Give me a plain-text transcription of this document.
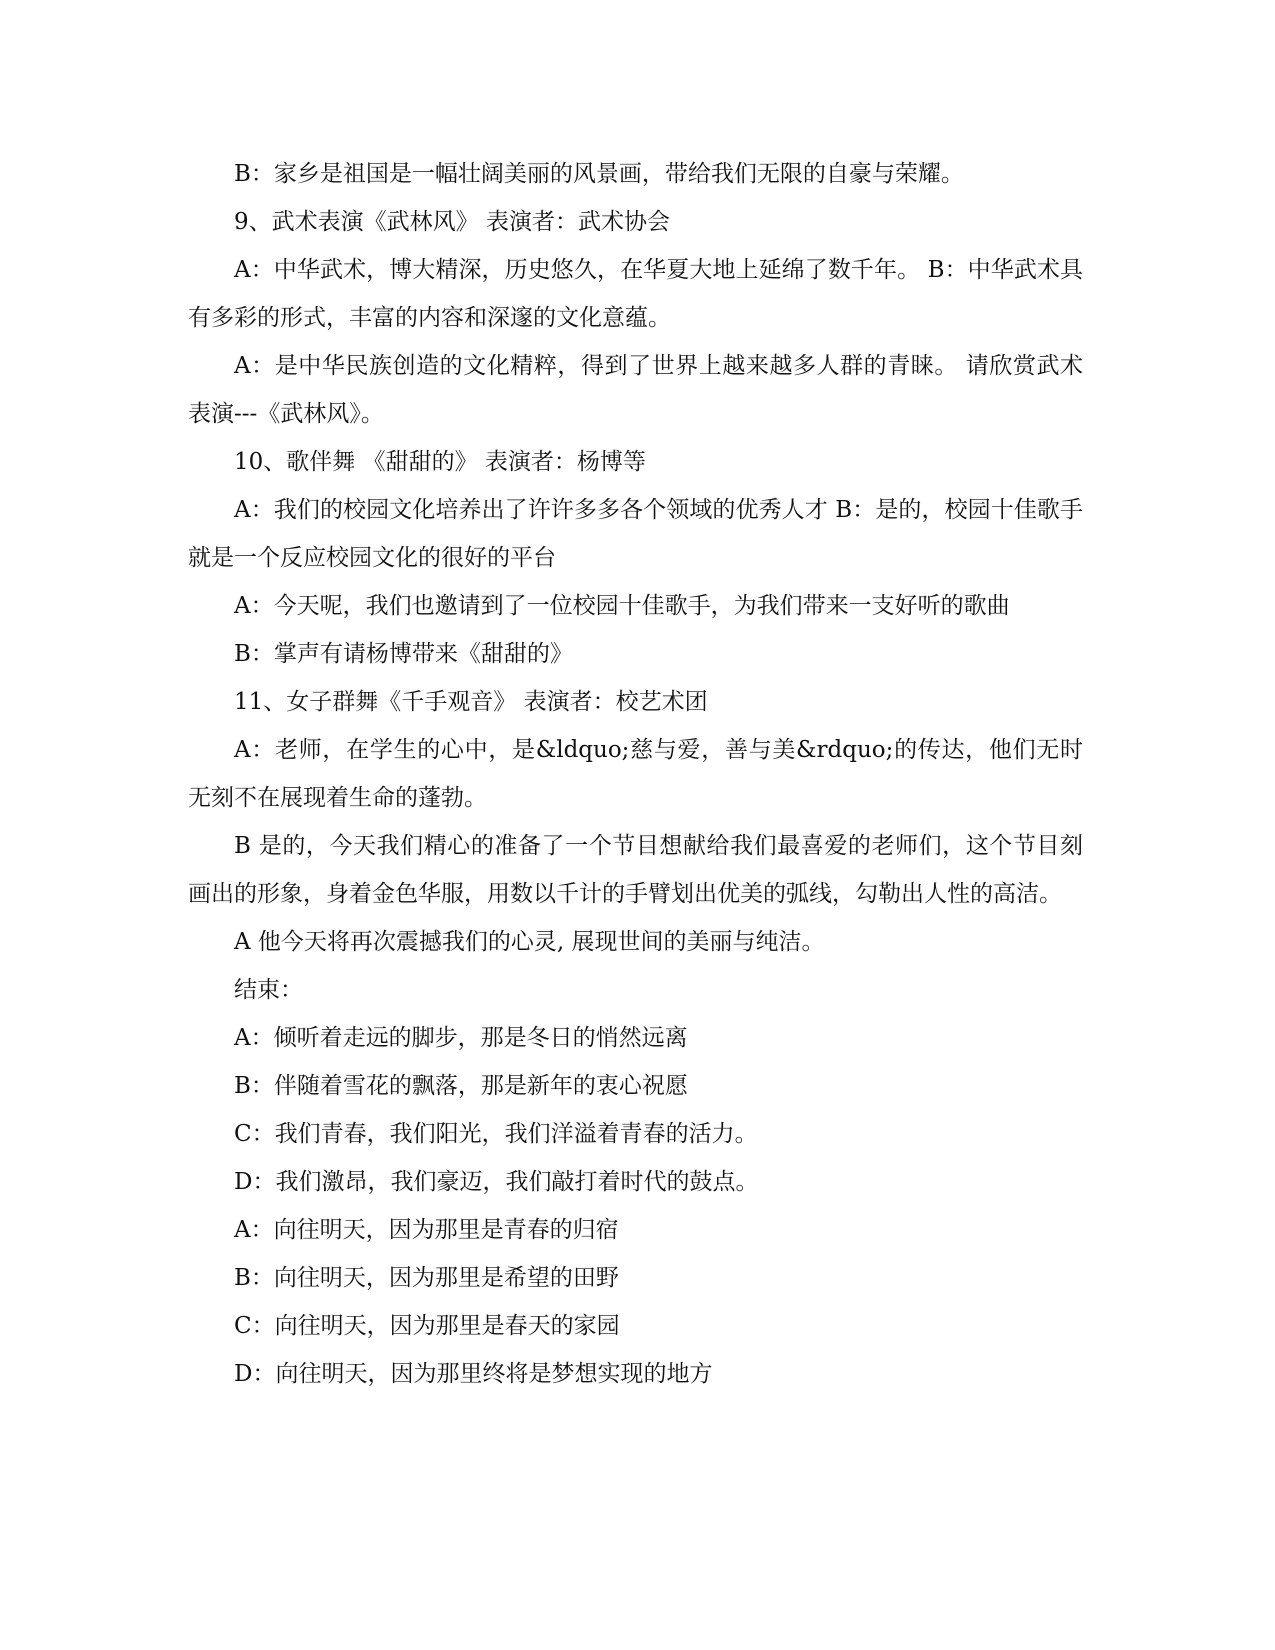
B：家乡是祖国是一幅壮阔美丽的风景画，带给我们无限的自豪与荣耀。

9、武术表演《武林风》 表演者：武术协会

A：中华武术，博大精深，历史悠久，在华夏大地上延绵了数千年。 B：中华武术具有多彩的形式，丰富的内容和深邃的文化意蕴。

A：是中华民族创造的文化精粹，得到了世界上越来越多人群的青睐。 请欣赏武术表演---《武林风》。

10、歌伴舞 《甜甜的》 表演者：杨博等

A：我们的校园文化培养出了许许多多各个领域的优秀人才 B：是的，校园十佳歌手就是一个反应校园文化的很好的平台

A：今天呢，我们也邀请到了一位校园十佳歌手，为我们带来一支好听的歌曲

B：掌声有请杨博带来《甜甜的》

11、女子群舞《千手观音》 表演者：校艺术团

A：老师，在学生的心中，是&ldquo;慈与爱，善与美&rdquo;的传达，他们无时无刻不在展现着生命的蓬勃。

B 是的，今天我们精心的准备了一个节目想献给我们最喜爱的老师们，这个节目刻画出的形象，身着金色华服，用数以千计的手臂划出优美的弧线，勾勒出人性的高洁。

A 他今天将再次震撼我们的心灵, 展现世间的美丽与纯洁。

结束：

A：倾听着走远的脚步，那是冬日的悄然远离

B：伴随着雪花的飘落，那是新年的衷心祝愿

C：我们青春，我们阳光，我们洋溢着青春的活力。

D：我们激昂，我们豪迈，我们敲打着时代的鼓点。

A：向往明天，因为那里是青春的归宿

B：向往明天，因为那里是希望的田野

C：向往明天，因为那里是春天的家园

D：向往明天，因为那里终将是梦想实现的地方
